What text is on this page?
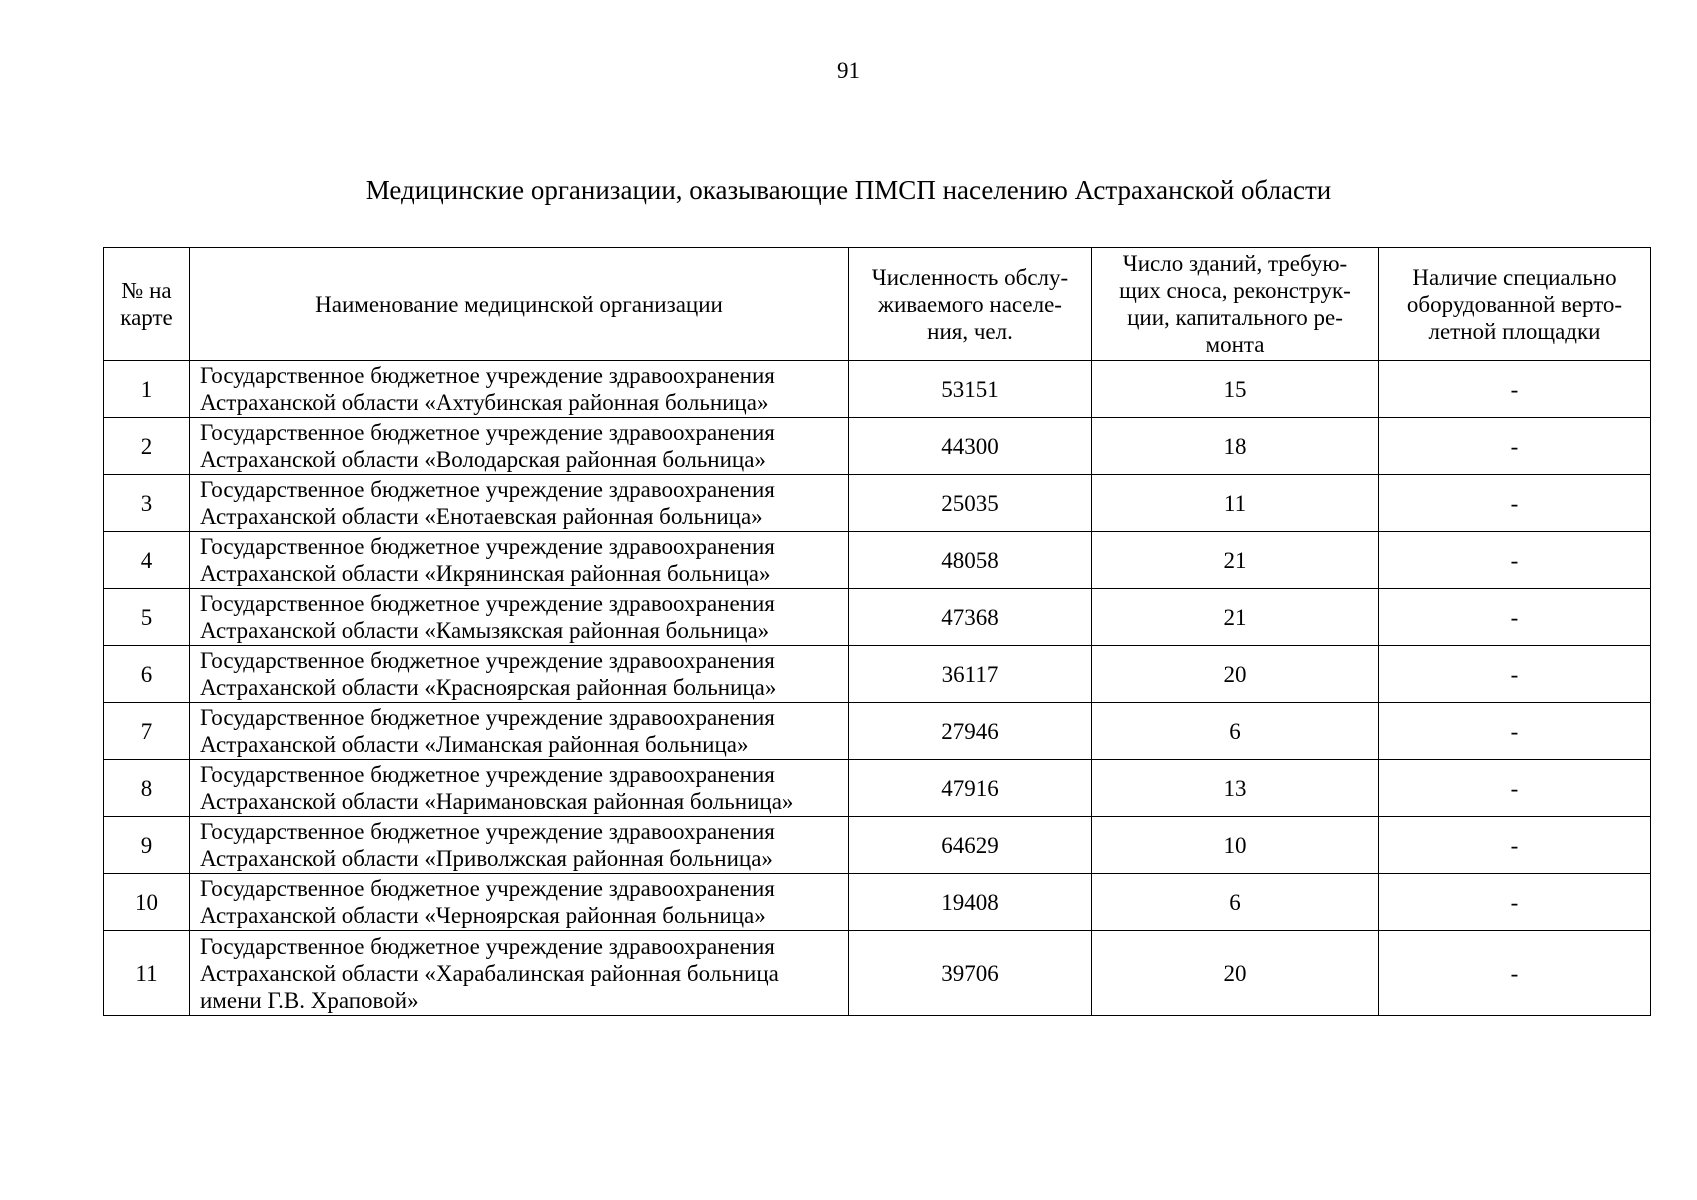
91
Медицинские организации, оказывающие ПМСП населению Астраханской области
№ на
карте	Наименование медицинской организации	Численность обслу-
живаемого населе-
ния, чел.	Число зданий, требую-
щих сноса, реконструк-
ции, капитального ре-
монта	Наличие специально
оборудованной верто-
летной площадки

1	Государственное бюджетное учреждение здравоохранения
Астраханской области «Ахтубинская районная больница»	53151	15	-
2	Государственное бюджетное учреждение здравоохранения
Астраханской области «Володарская районная больница»	44300	18	-
3	Государственное бюджетное учреждение здравоохранения
Астраханской области «Енотаевская районная больница»	25035	11	-
4	Государственное бюджетное учреждение здравоохранения
Астраханской области «Икрянинская районная больница»	48058	21	-
5	Государственное бюджетное учреждение здравоохранения
Астраханской области «Камызякская районная больница»	47368	21	-
6	Государственное бюджетное учреждение здравоохранения
Астраханской области «Красноярская районная больница»	36117	20	-
7	Государственное бюджетное учреждение здравоохранения
Астраханской области «Лиманская районная больница»	27946	6	-
8	Государственное бюджетное учреждение здравоохранения
Астраханской области «Наримановская районная больница»	47916	13	-
9	Государственное бюджетное учреждение здравоохранения
Астраханской области «Приволжская районная больница»	64629	10	-
10	Государственное бюджетное учреждение здравоохранения
Астраханской области «Черноярская районная больница»	19408	6	-
11	Государственное бюджетное учреждение здравоохранения
Астраханской области «Харабалинская районная больница
имени Г.В. Храповой»	39706	20	-
